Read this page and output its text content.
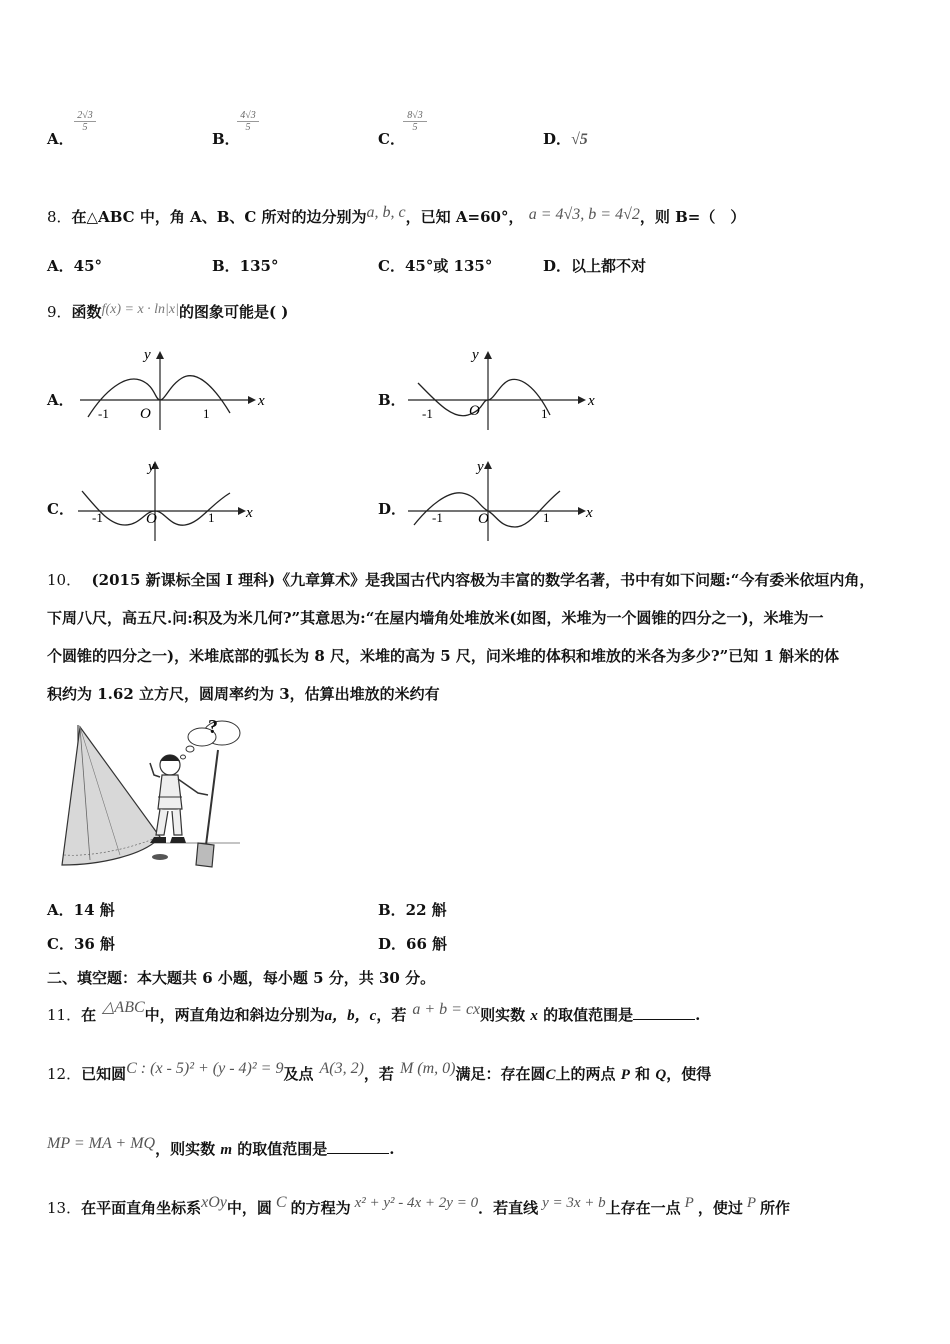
A．
2√3
5
B．
4√3
5
C．
8√3
5
D．√5
8．在△ABC 中，角 A、B、C 所对的边分别为a, b, c，已知 A=60°， a = 4√3, b = 4√2，则 B=（　）
A．45°	B．135°	C．45°或 135°	D．以上都不对
9．函数f(x) = x · ln|x|的图象可能是( )
A．	x
y
O
-1	1
B．	x
y
O
-1	1
C．	x
y
O
-1	1	D．	x
y
O
-1	1
10． (2015 新课标全国 I 理科)《九章算术》是我国古代内容极为丰富的数学名著，书中有如下问题:“今有委米依垣内角，
下周八尺，高五尺.问:积及为米几何?”其意思为:“在屋内墙角处堆放米(如图，米堆为一个圆锥的四分之一)，米堆为一
个圆锥的四分之一)，米堆底部的弧长为 8 尺，米堆的高为 5 尺，问米堆的体积和堆放的米各为多少?”已知 1 斛米的体
积约为 1.62 立方尺，圆周率约为 3，估算出堆放的米约有
?
A．14 斛	B．22 斛
C．36 斛	D．66 斛
二、填空题：本大题共 6 小题，每小题 5 分，共 30 分。
11．在 △ABC中，两直角边和斜边分别为a，b，c，若 a + b = cx则实数 x 的取值范围是	.
12．已知圆C : (x - 5)² + (y - 4)² = 9及点 A(3, 2)，若 M (m, 0)满足：存在圆C上的两点 P 和 Q，使得
MP = MA + MQ，则实数 m 的取值范围是	.
13．在平面直角坐标系xOy中，圆 C 的方程为 x² + y² - 4x + 2y = 0．若直线 y = 3x + b上存在一点 P ，使过 P 所作
